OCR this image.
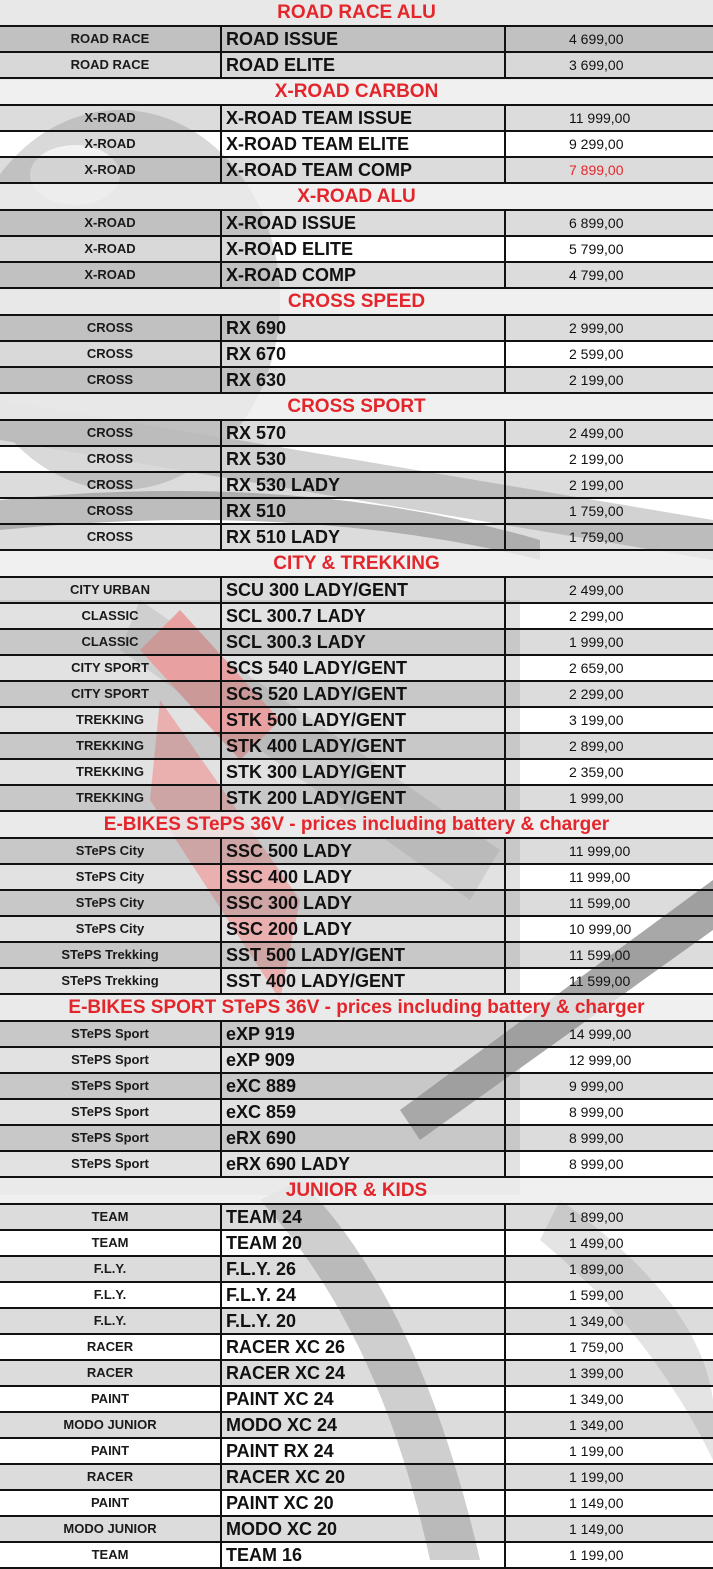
ROAD RACE ALU
ROAD RACE	ROAD ISSUE	4 699,00
ROAD RACE	ROAD ELITE	3 699,00
X-ROAD CARBON
X-ROAD	X-ROAD TEAM ISSUE	11 999,00
X-ROAD	X-ROAD TEAM ELITE	9 299,00
X-ROAD	X-ROAD TEAM COMP	7 899,00
X-ROAD ALU
X-ROAD	X-ROAD ISSUE	6 899,00
X-ROAD	X-ROAD ELITE	5 799,00
X-ROAD	X-ROAD COMP	4 799,00
CROSS SPEED
CROSS	RX 690	2 999,00
CROSS	RX 670	2 599,00
CROSS	RX 630	2 199,00
CROSS SPORT
CROSS	RX 570	2 499,00
CROSS	RX 530	2 199,00
CROSS	RX 530 LADY	2 199,00
CROSS	RX 510	1 759,00
CROSS	RX 510 LADY	1 759,00
CITY & TREKKING
CITY URBAN	SCU 300 LADY/GENT	2 499,00
CLASSIC	SCL 300.7 LADY	2 299,00
CLASSIC	SCL 300.3 LADY	1 999,00
CITY SPORT	SCS 540 LADY/GENT	2 659,00
CITY SPORT	SCS 520 LADY/GENT	2 299,00
TREKKING	STK 500 LADY/GENT	3 199,00
TREKKING	STK 400 LADY/GENT	2 899,00
TREKKING	STK 300 LADY/GENT	2 359,00
TREKKING	STK 200 LADY/GENT	1 999,00
E-BIKES STePS 36V - prices including battery & charger
STePS City	SSC 500 LADY	11 999,00
STePS City	SSC 400 LADY	11 999,00
STePS City	SSC 300 LADY	11 599,00
STePS City	SSC 200 LADY	10 999,00
STePS Trekking	SST 500 LADY/GENT	11 599,00
STePS Trekking	SST 400 LADY/GENT	11 599,00
E-BIKES SPORT STePS 36V - prices including battery & charger
STePS Sport	eXP 919	14 999,00
STePS Sport	eXP 909	12 999,00
STePS Sport	eXC 889	9 999,00
STePS Sport	eXC 859	8 999,00
STePS Sport	eRX 690	8 999,00
STePS Sport	eRX 690 LADY	8 999,00
JUNIOR & KIDS
TEAM	TEAM 24	1 899,00
TEAM	TEAM 20	1 499,00
F.L.Y.	F.L.Y. 26	1 899,00
F.L.Y.	F.L.Y. 24	1 599,00
F.L.Y.	F.L.Y. 20	1 349,00
RACER	RACER XC 26	1 759,00
RACER	RACER XC 24	1 399,00
PAINT	PAINT XC 24	1 349,00
MODO JUNIOR	MODO XC 24	1 349,00
PAINT	PAINT RX 24	1 199,00
RACER	RACER XC 20	1 199,00
PAINT	PAINT XC 20	1 149,00
MODO JUNIOR	MODO XC 20	1 149,00
TEAM	TEAM 16	1 199,00
